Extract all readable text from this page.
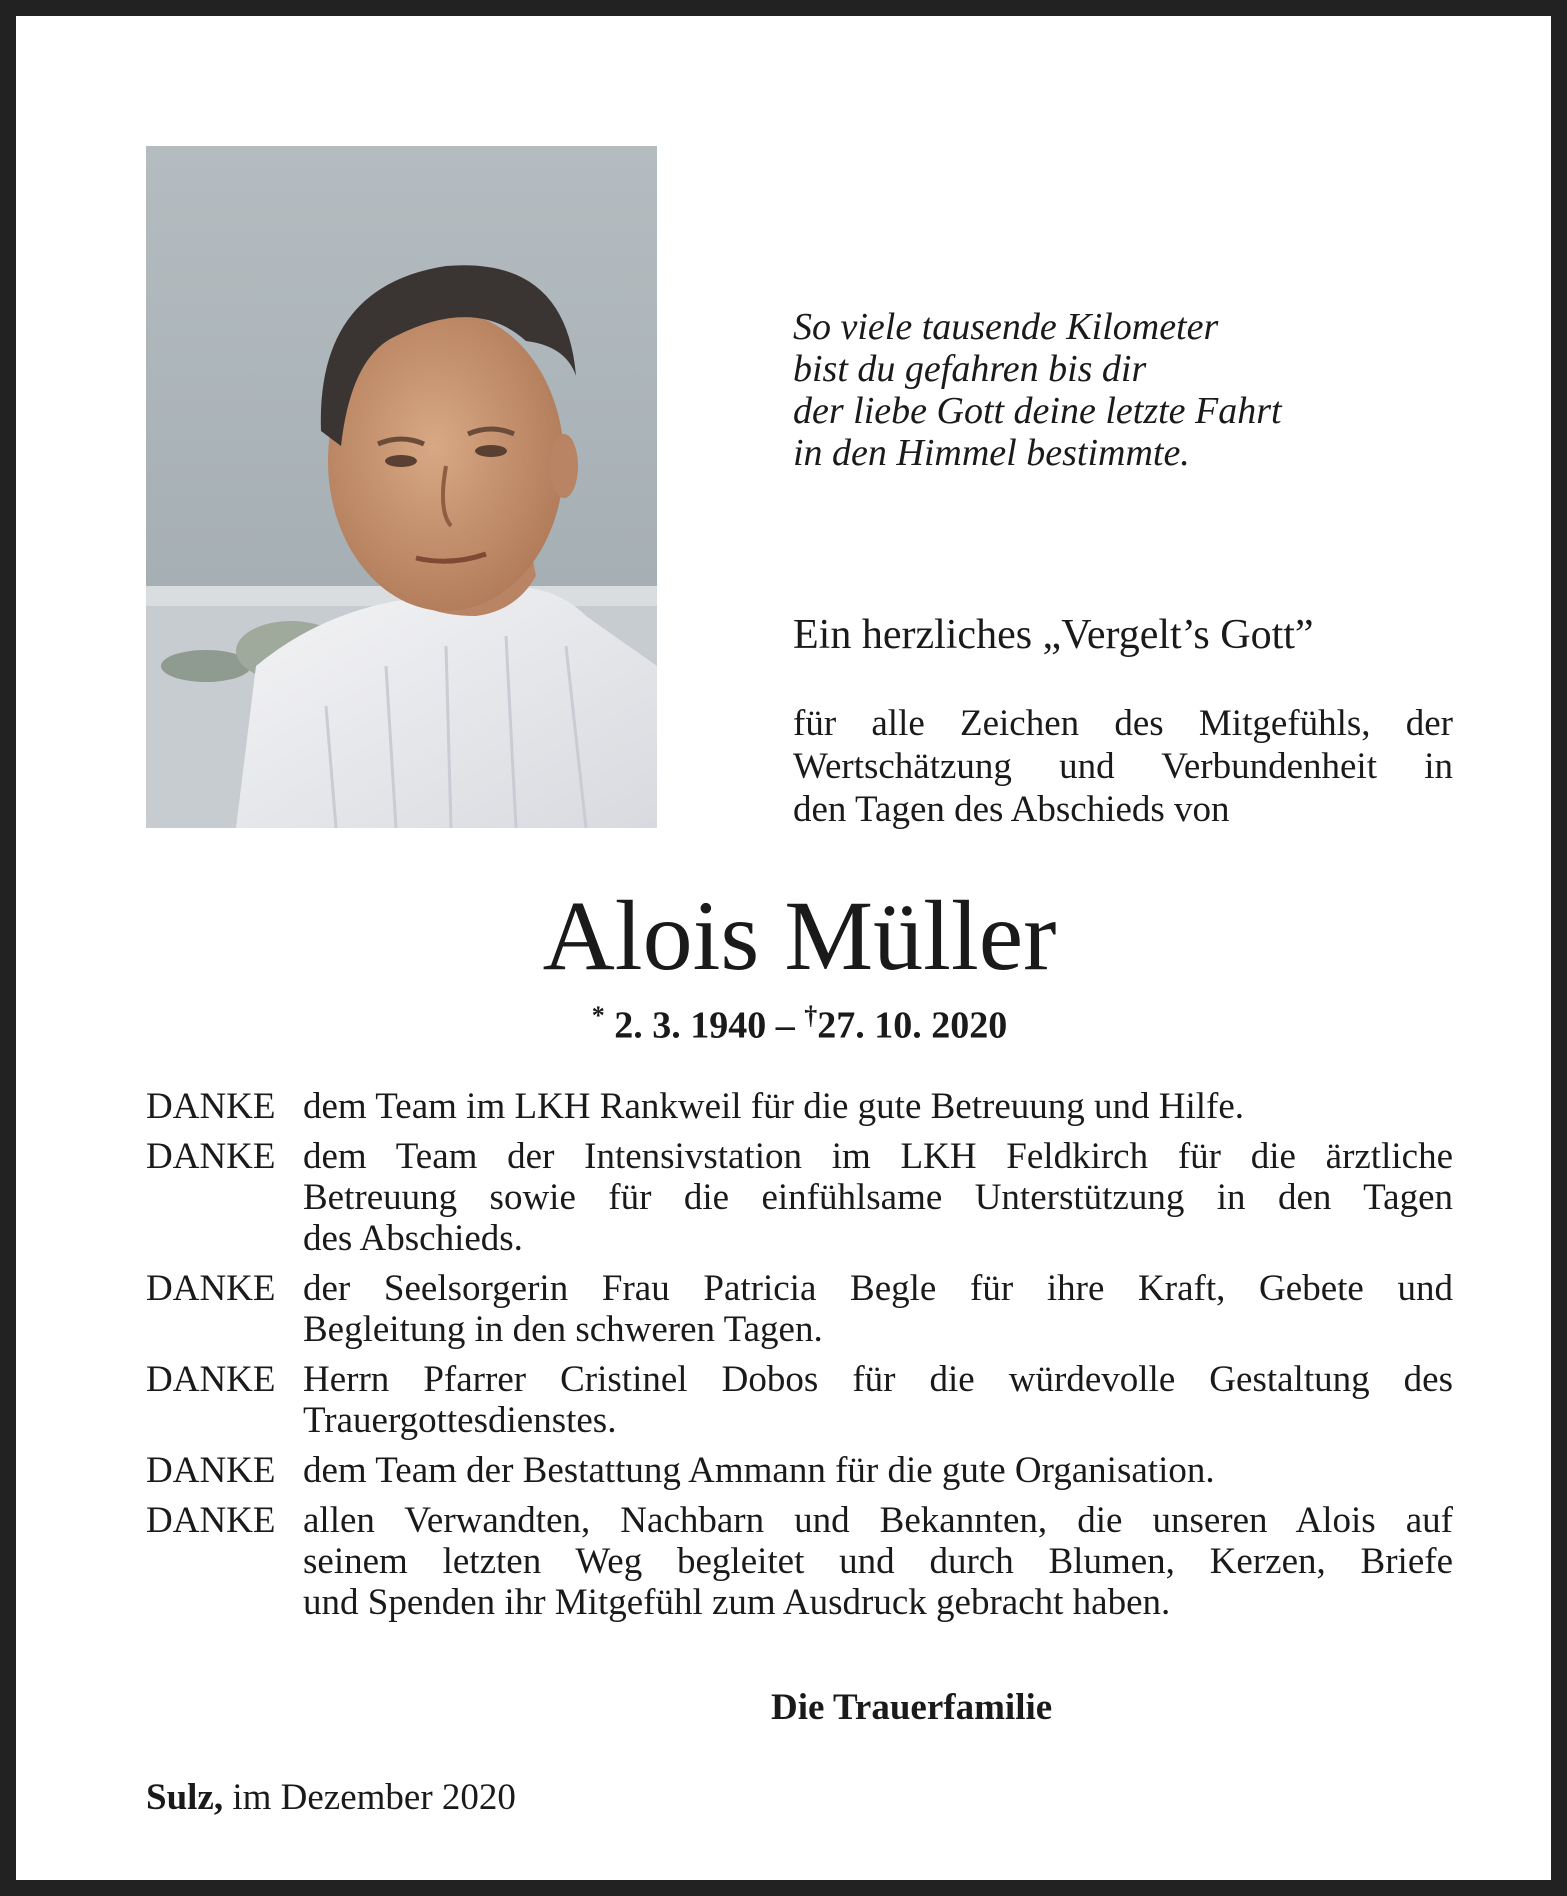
So viele tausende Kilometer
bist du gefahren bis dir
der liebe Gott deine letzte Fahrt
in den Himmel bestimmte.
Ein herzliches „Vergelt’s Gott”
für alle Zeichen des Mitgefühls, der
Wertschätzung und Verbundenheit in
den Tagen des Abschieds von
Alois Müller
* 2. 3. 1940 – †27. 10. 2020
DANKE dem Team im LKH Rankweil für die gute Betreuung und Hilfe.
DANKE dem Team der Intensivstation im LKH Feldkirch für die ärztliche
Betreuung sowie für die einfühlsame Unterstützung in den Tagen
des Abschieds.
DANKE der Seelsorgerin Frau Patricia Begle für ihre Kraft, Gebete und
Begleitung in den schweren Tagen.
DANKE Herrn Pfarrer Cristinel Dobos für die würdevolle Gestaltung des
Trauergottesdienstes.
DANKE dem Team der Bestattung Ammann für die gute Organisation.
DANKE allen Verwandten, Nachbarn und Bekannten, die unseren Alois auf
seinem letzten Weg begleitet und durch Blumen, Kerzen, Briefe
und Spenden ihr Mitgefühl zum Ausdruck gebracht haben.
Die Trauerfamilie
Sulz, im Dezember 2020
